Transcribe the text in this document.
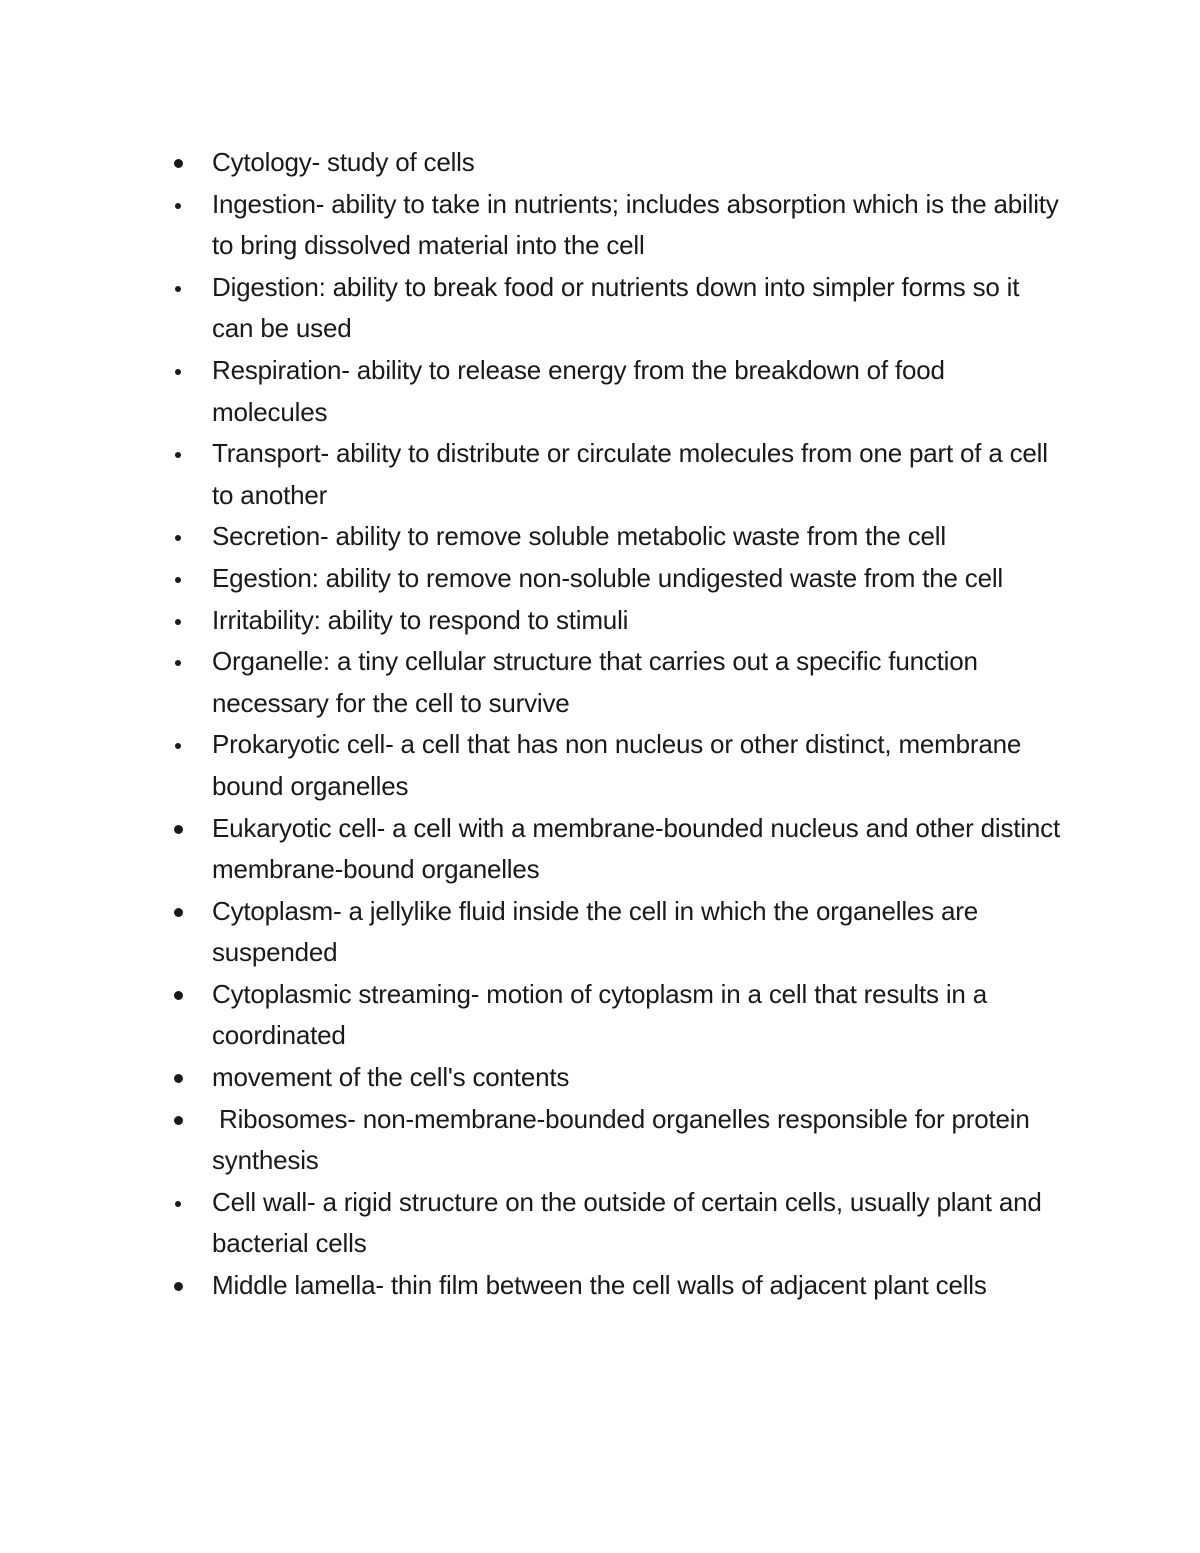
Cytology- study of cells
Ingestion- ability to take in nutrients; includes absorption which is the ability to bring dissolved material into the cell
Digestion: ability to break food or nutrients down into simpler forms so it can be used
Respiration- ability to release energy from the breakdown of food molecules
Transport- ability to distribute or circulate molecules from one part of a cell to another
Secretion- ability to remove soluble metabolic waste from the cell
Egestion: ability to remove non-soluble undigested waste from the cell
Irritability: ability to respond to stimuli
Organelle: a tiny cellular structure that carries out a specific function necessary for the cell to survive
Prokaryotic cell- a cell that has non nucleus or other distinct, membrane bound organelles
Eukaryotic cell- a cell with a membrane-bounded nucleus and other distinct membrane-bound organelles
Cytoplasm- a jellylike fluid inside the cell in which the organelles are suspended
Cytoplasmic streaming- motion of cytoplasm in a cell that results in a coordinated
movement of the cell's contents
Ribosomes- non-membrane-bounded organelles responsible for protein synthesis
Cell wall- a rigid structure on the outside of certain cells, usually plant and bacterial cells
Middle lamella- thin film between the cell walls of adjacent plant cells
